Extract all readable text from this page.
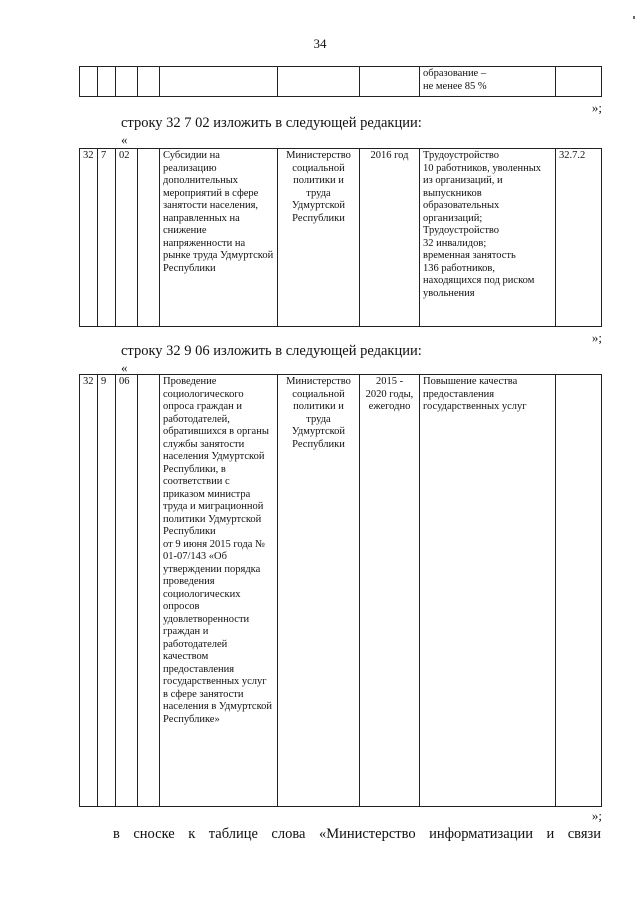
34
							образование –
не менее 85 %	
»;
строку 32 7 02 изложить в следующей редакции:
«
32	7	02		Субсидии на реализацию дополнительных мероприятий в сфере занятости населения, направленных на снижение напряженности на рынке труда Удмуртской Республики	Министерство социальной политики и труда Удмуртской Республики	2016 год	Трудоустройство
10 работников, уволенных из организаций, и выпускников образовательных организаций;
Трудоустройство
32 инвалидов;
временная занятость
136 работников, находящихся под риском увольнения	32.7.2
»;
строку 32 9 06 изложить в следующей редакции:
«
32	9	06		Проведение социологического опроса граждан и работодателей, обратившихся в органы службы занятости населения Удмуртской Республики, в соответствии с приказом министра труда и миграционной политики Удмуртской Республики
от 9 июня 2015 года № 01-07/143 «Об утверждении порядка проведения социологических опросов удовлетворенности граждан и работодателей качеством предоставления государственных услуг в сфере занятости населения в Удмуртской Республике»	Министерство социальной политики и труда Удмуртской Республики	2015 -
2020 годы, ежегодно	Повышение качества предоставления государственных услуг	
»;
в сноске к таблице слова «Министерство информатизации и связи
